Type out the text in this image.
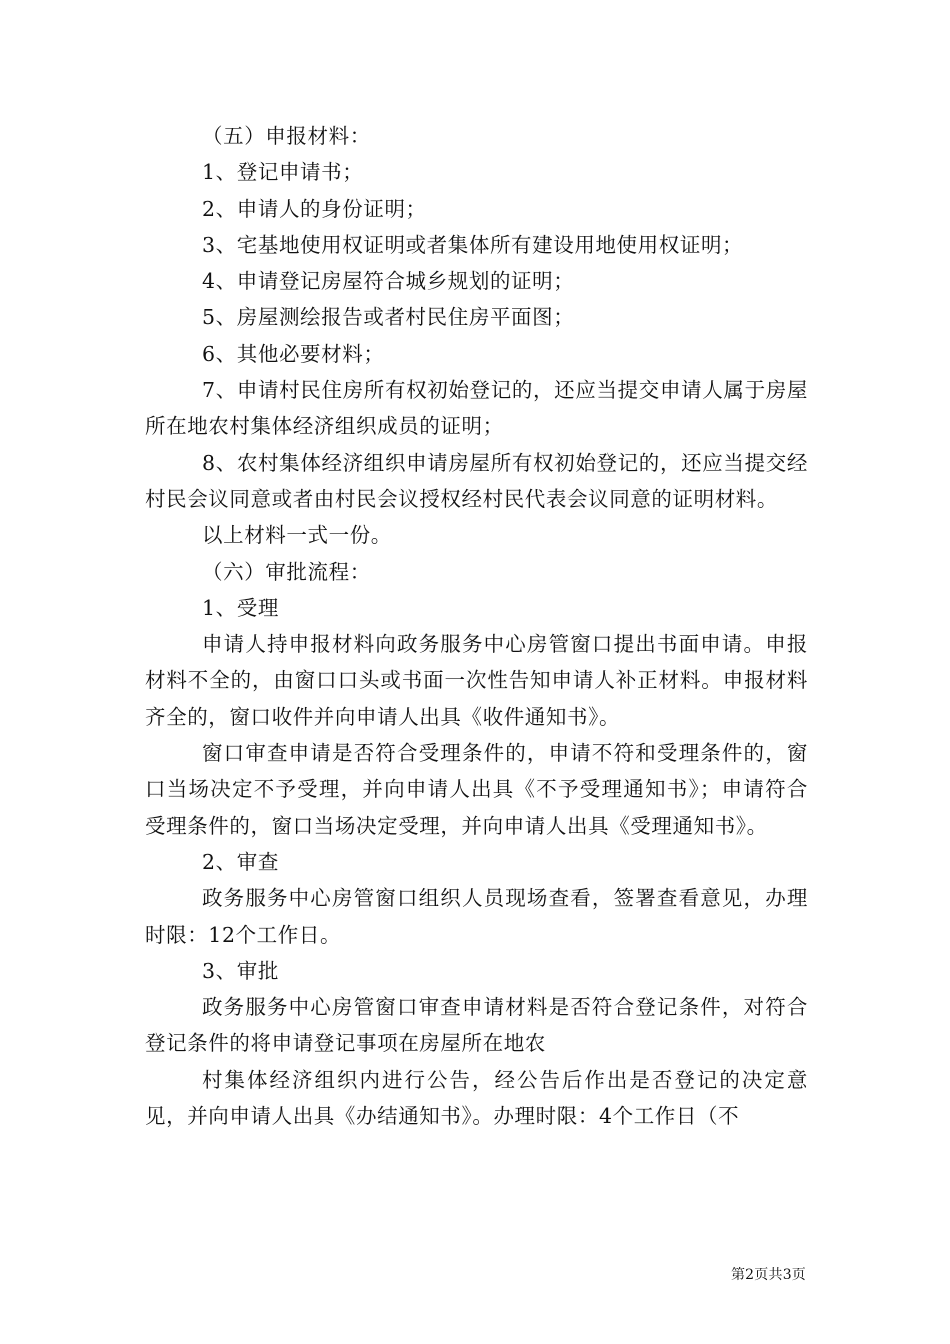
（五）申报材料：

1、登记申请书；

2、申请人的身份证明；

3、宅基地使用权证明或者集体所有建设用地使用权证明；

4、申请登记房屋符合城乡规划的证明；

5、房屋测绘报告或者村民住房平面图；

6、其他必要材料；

7、申请村民住房所有权初始登记的，还应当提交申请人属于房屋所在地农村集体经济组织成员的证明；

8、农村集体经济组织申请房屋所有权初始登记的，还应当提交经村民会议同意或者由村民会议授权经村民代表会议同意的证明材料。

以上材料一式一份。

（六）审批流程：

1、受理

申请人持申报材料向政务服务中心房管窗口提出书面申请。申报材料不全的，由窗口口头或书面一次性告知申请人补正材料。申报材料齐全的，窗口收件并向申请人出具《收件通知书》。

窗口审查申请是否符合受理条件的，申请不符和受理条件的，窗口当场决定不予受理，并向申请人出具《不予受理通知书》；申请符合受理条件的，窗口当场决定受理，并向申请人出具《受理通知书》。

2、审查

政务服务中心房管窗口组织人员现场查看，签署查看意见，办理时限：12个工作日。

3、审批

政务服务中心房管窗口审查申请材料是否符合登记条件，对符合登记条件的将申请登记事项在房屋所在地农

村集体经济组织内进行公告，经公告后作出是否登记的决定意见，并向申请人出具《办结通知书》。办理时限：4个工作日（不

第2页共3页
